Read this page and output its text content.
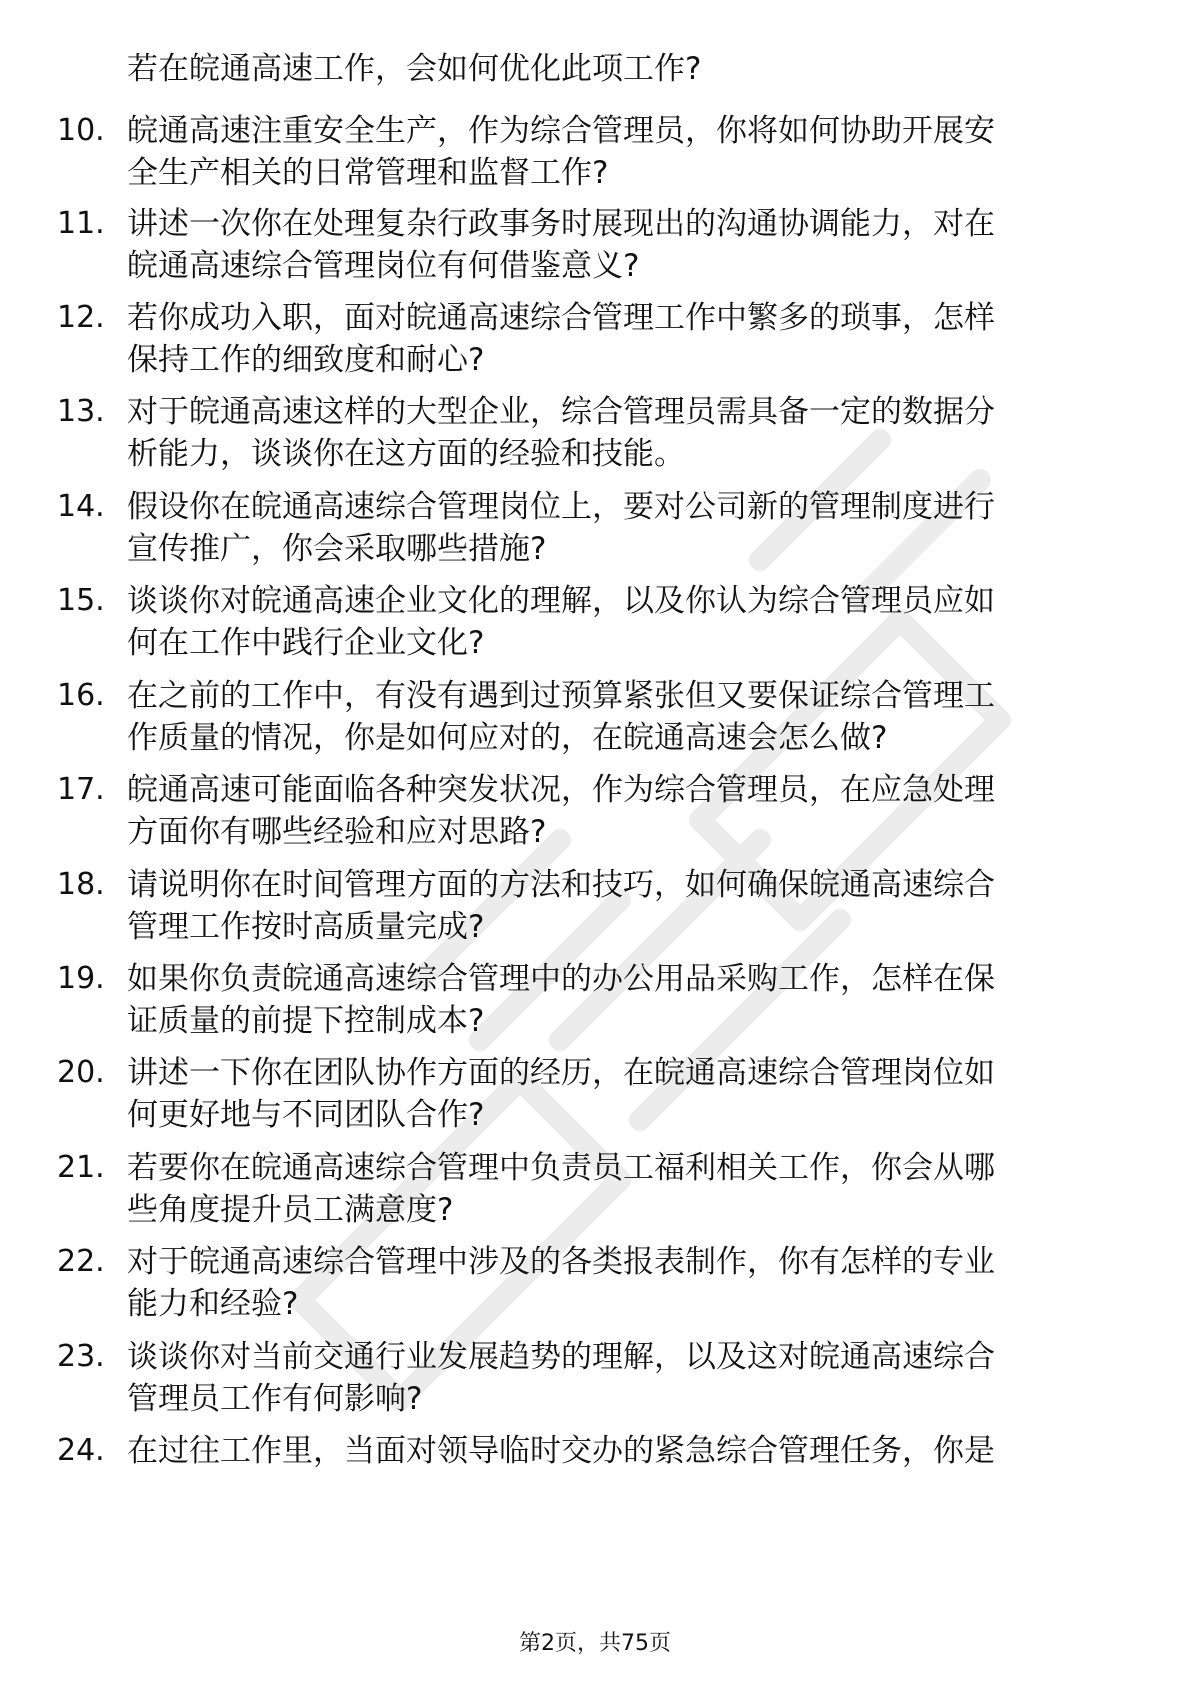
若在皖通高速工作，会如何优化此项工作?
10. 皖通高速注重安全生产，作为综合管理员，你将如何协助开展安
全生产相关的日常管理和监督工作?
11. 讲述一次你在处理复杂行政事务时展现出的沟通协调能力，对在
皖通高速综合管理岗位有何借鉴意义?
12. 若你成功入职，面对皖通高速综合管理工作中繁多的琐事，怎样
保持工作的细致度和耐心?
13. 对于皖通高速这样的大型企业，综合管理员需具备一定的数据分
析能力，谈谈你在这方面的经验和技能。
14. 假设你在皖通高速综合管理岗位上，要对公司新的管理制度进行
宣传推广，你会采取哪些措施?
15. 谈谈你对皖通高速企业文化的理解，以及你认为综合管理员应如
何在工作中践行企业文化?
16. 在之前的工作中，有没有遇到过预算紧张但又要保证综合管理工
作质量的情况，你是如何应对的，在皖通高速会怎么做?
17. 皖通高速可能面临各种突发状况，作为综合管理员，在应急处理
方面你有哪些经验和应对思路?
18. 请说明你在时间管理方面的方法和技巧，如何确保皖通高速综合
管理工作按时高质量完成?
19. 如果你负责皖通高速综合管理中的办公用品采购工作，怎样在保
证质量的前提下控制成本?
20. 讲述一下你在团队协作方面的经历，在皖通高速综合管理岗位如
何更好地与不同团队合作?
21. 若要你在皖通高速综合管理中负责员工福利相关工作，你会从哪
些角度提升员工满意度?
22. 对于皖通高速综合管理中涉及的各类报表制作，你有怎样的专业
能力和经验?
23. 谈谈你对当前交通行业发展趋势的理解，以及这对皖通高速综合
管理员工作有何影响?
24. 在过往工作里，当面对领导临时交办的紧急综合管理任务，你是
第2页，共75页
